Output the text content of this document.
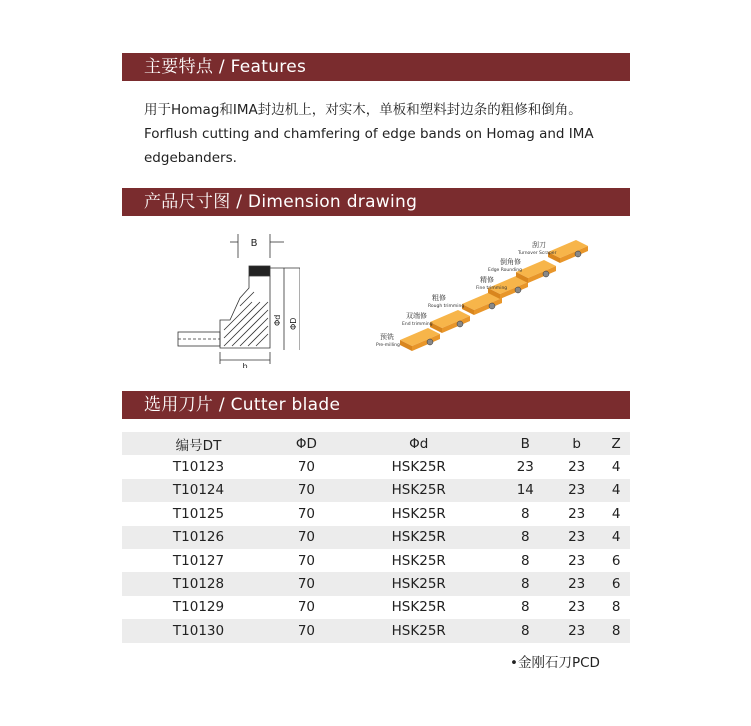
主要特点 / Features
用于Homag和IMA封边机上，对实木，单板和塑料封边条的粗修和倒角。
Forflush cutting and chamfering of edge bands on Homag and IMA
edgebanders.
产品尺寸图 / Dimension drawing
B
Φd ΦD
b
刮刀
Turnover Scraper
倒角修
Edge Rounding
精修
Fine trimming
粗修
Rough trimming
双端修
End trimming
预铣
Pre-milling
选用刀片 / Cutter blade
编号DT	ΦD	Φd	B	b	Z
T10123	70	HSK25R	23	23	4
T10124	70	HSK25R	14	23	4
T10125	70	HSK25R	8	23	4
T10126	70	HSK25R	8	23	4
T10127	70	HSK25R	8	23	6
T10128	70	HSK25R	8	23	6
T10129	70	HSK25R	8	23	8
T10130	70	HSK25R	8	23	8
•金刚石刀PCD
